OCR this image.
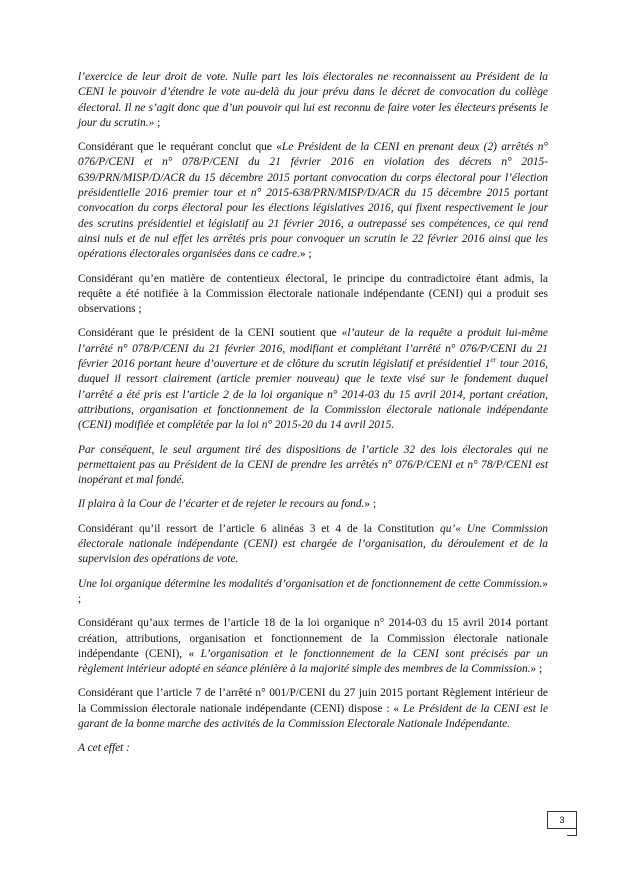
l’exercice de leur droit de vote. Nulle part les lois électorales ne reconnaissent au Président de la CENI le pouvoir d’étendre le vote au-delà du jour prévu dans le décret de convocation du collège électoral. Il ne s’agit donc que d’un pouvoir qui lui est reconnu de faire voter les électeurs présents le jour du scrutin.» ;

Considérant que le requérant conclut que «Le Président de la CENI en prenant deux (2) arrêtés n° 076/P/CENI et n° 078/P/CENI du 21 février 2016 en violation des décrets n° 2015-639/PRN/MISP/D/ACR du 15 décembre 2015 portant convocation du corps électoral pour l’élection présidentielle 2016 premier tour et n° 2015-638/PRN/MISP/D/ACR du 15 décembre 2015 portant convocation du corps électoral pour les élections législatives 2016, qui fixent respectivement le jour des scrutins présidentiel et législatif au 21 février 2016, a outrepassé ses compétences, ce qui rend ainsi nuls et de nul effet les arrêtés pris pour convoquer un scrutin le 22 février 2016 ainsi que les opérations électorales organisées dans ce cadre.» ;

Considérant qu’en matière de contentieux électoral, le principe du contradictoire étant admis, la requête a été notifiée à la Commission électorale nationale indépendante (CENI) qui a produit ses observations ;

Considérant que le président de la CENI soutient que «l’auteur de la requête a produit lui-même l’arrêté n° 078/P/CENI du 21 février 2016, modifiant et complétant l’arrêté n° 076/P/CENI du 21 février 2016 portant heure d’ouverture et de clôture du scrutin législatif et présidentiel 1er tour 2016, duquel il ressort clairement (article premier nouveau) que le texte visé sur le fondement duquel l’arrêté a été pris est l’article 2 de la loi organique n° 2014-03 du 15 avril 2014, portant création, attributions, organisation et fonctionnement de la Commission électorale nationale indépendante (CENI) modifiée et complétée par la loi n° 2015-20 du 14 avril 2015.

Par conséquent, le seul argument tiré des dispositions de l’article 32 des lois électorales qui ne permettaient pas au Président de la CENI de prendre les arrêtés n° 076/P/CENI et n° 78/P/CENI est inopérant et mal fondé.

Il plaira à la Cour de l’écarter et de rejeter le recours au fond.» ;

Considérant qu’il ressort de l’article 6 alinéas 3 et 4 de la Constitution qu’« Une Commission électorale nationale indépendante (CENI) est chargée de l’organisation, du déroulement et de la supervision des opérations de vote.

Une loi organique détermine les modalités d’organisation et de fonctionnement de cette Commission.» ;

Considérant qu’aux termes de l’article 18 de la loi organique n° 2014-03 du 15 avril 2014 portant création, attributions, organisation et fonctionnement de la Commission électorale nationale indépendante (CENI), « L’organisation et le fonctionnement de la CENI sont précisés par un règlement intérieur adopté en séance plénière à la majorité simple des membres de la Commission.» ;

Considérant que l’article 7 de l’arrêté n° 001/P/CENI du 27 juin 2015 portant Règlement intérieur de la Commission électorale nationale indépendante (CENI) dispose : « Le Président de la CENI est le garant de la bonne marche des activités de la Commission Electorale Nationale Indépendante.

A cet effet :

3
